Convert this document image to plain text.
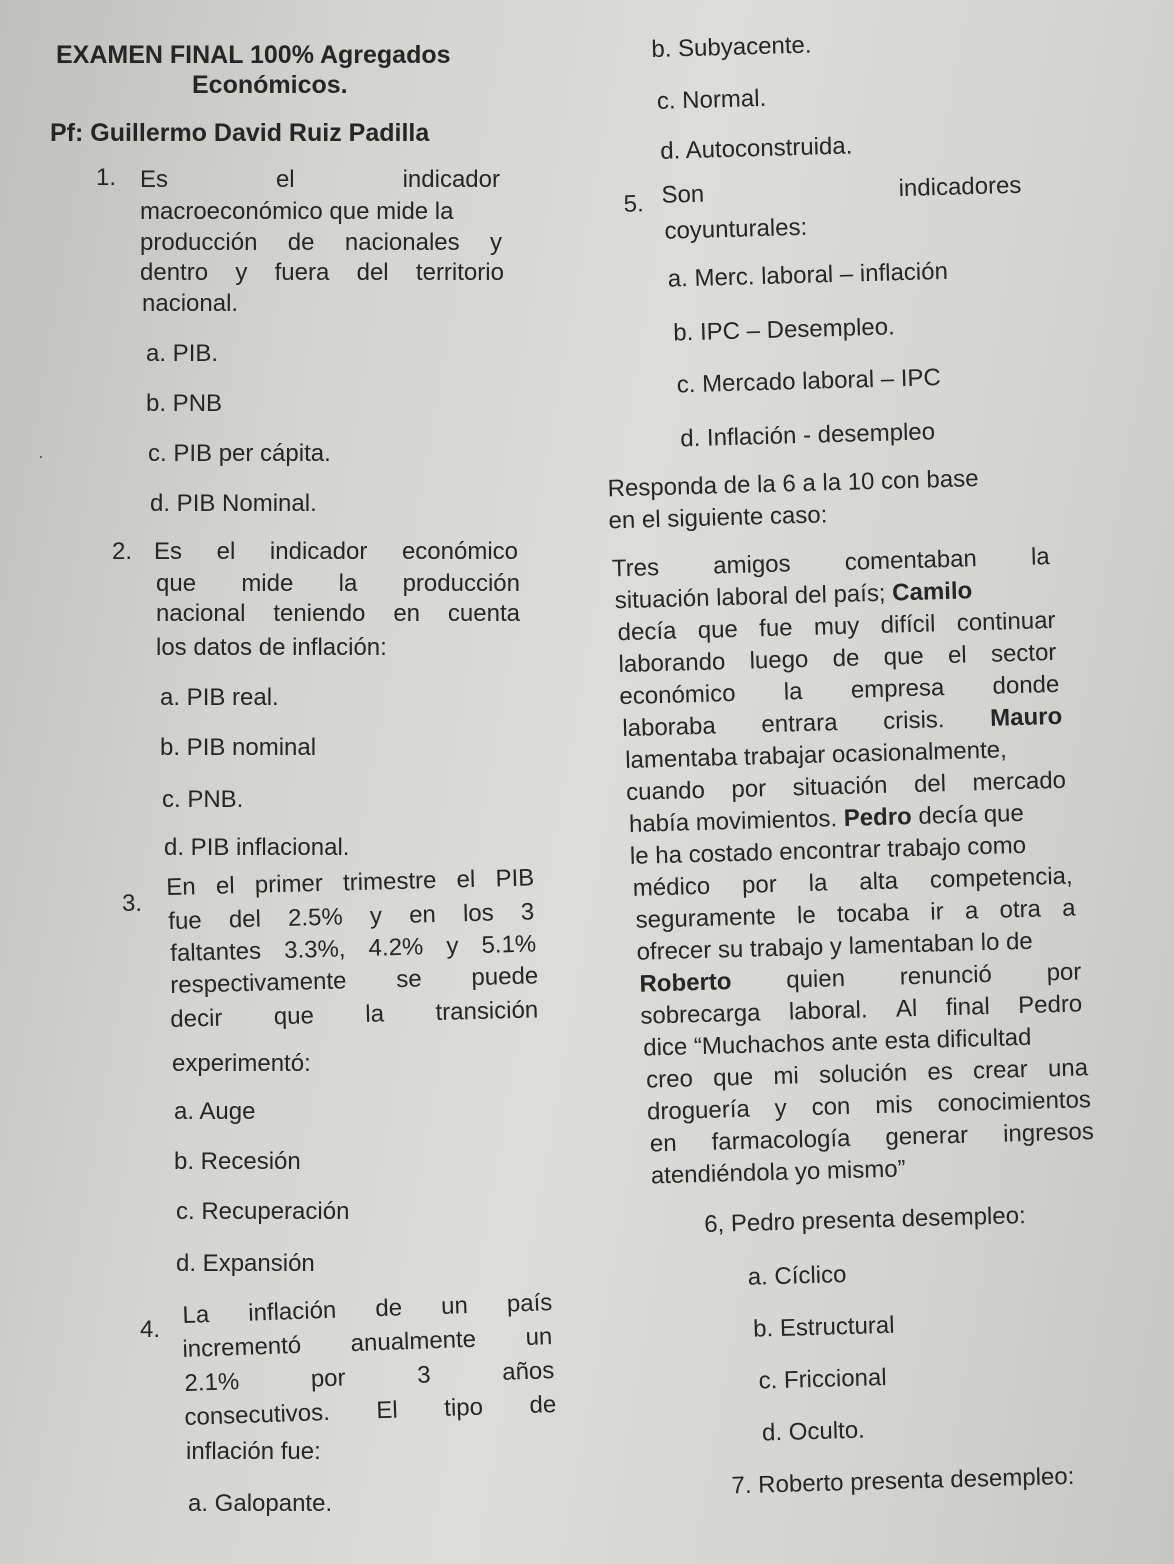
EXAMEN FINAL 100% Agregados
Económicos.
Pf: Guillermo David Ruiz Padilla
1. Es	el	indicador
macroeconómico que mide la
producción de nacionales y
dentro y fuera del territorio
nacional.
a. PIB.
b. PNB
c. PIB per cápita.
d. PIB Nominal.
·
2. Es el indicador económico
que mide la producción
nacional teniendo en cuenta
los datos de inflación:
a. PIB real.
b. PIB nominal
c. PNB.
d. PIB inflacional.
3.
En el primer trimestre el PIB
fue del 2.5% y en los 3
faltantes 3.3%, 4.2% y 5.1%
respectivamente se puede
decir que la transición
experimentó:
a. Auge
b. Recesión
c. Recuperación
d. Expansión
4.
La inflación de un país
incrementó anualmente un
2.1%	por	3	años
consecutivos. El tipo de
inflación fue:
a. Galopante.
b. Subyacente.
c. Normal.
d. Autoconstruida.
5. Son	indicadores
coyunturales:
a. Merc. laboral – inflación
b. IPC – Desempleo.
c. Mercado laboral – IPC
d. Inflación - desempleo
Responda de la 6 a la 10 con base
en el siguiente caso:
Tres amigos comentaban la
situación laboral del país; Camilo
decía que fue muy difícil continuar
laborando luego de que el sector
económico la empresa donde
laboraba entrara crisis. Mauro
lamentaba trabajar ocasionalmente,
cuando por situación del mercado
había movimientos. Pedro decía que
le ha costado encontrar trabajo como
médico por la alta competencia,
seguramente le tocaba ir a otra a
ofrecer su trabajo y lamentaban lo de
Roberto quien renunció por
sobrecarga laboral. Al final Pedro
dice “Muchachos ante esta dificultad
creo que mi solución es crear una
droguería y con mis conocimientos
en farmacología generar ingresos
atendiéndola yo mismo”
6, Pedro presenta desempleo:
a. Cíclico
b. Estructural
c. Friccional
d. Oculto.
7. Roberto presenta desempleo:
